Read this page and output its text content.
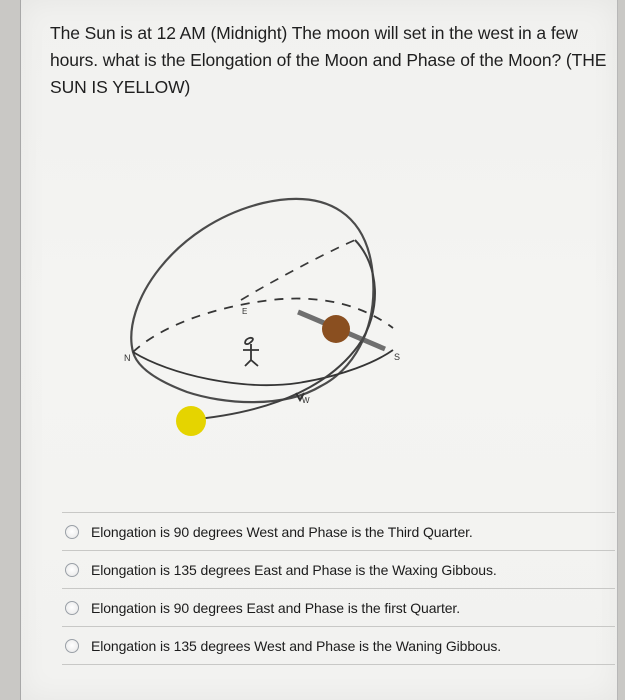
The Sun is at 12 AM (Midnight) The moon will set in the west in a few hours. what is the Elongation of the Moon and Phase of the Moon? (THE SUN IS YELLOW)
N
E
S
W
Elongation is 90 degrees West and Phase is the Third Quarter.
Elongation is 135 degrees East and Phase is the Waxing Gibbous.
Elongation is 90 degrees East and Phase is the first Quarter.
Elongation is 135 degrees West and Phase is the Waning Gibbous.
